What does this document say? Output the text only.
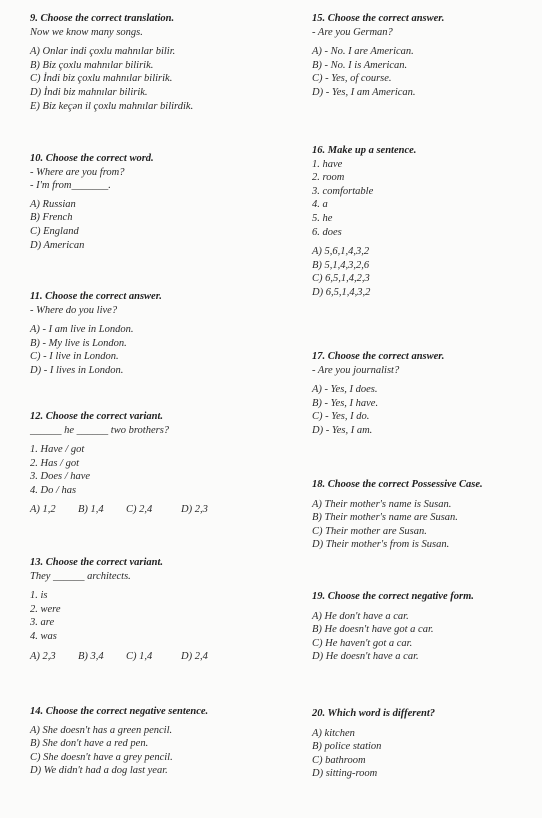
9. Choose the correct translation.
Now we know many songs.
A) Onlar indi çoxlu mahnılar bilir.
B) Biz çoxlu mahnılar bilirik.
C) İndi biz çoxlu mahnılar bilirik.
D) İndi biz mahnılar bilirik.
E) Biz keçən il çoxlu mahnılar bilirdik.
10. Choose the correct word.
- Where are you from?
- I'm from_______.
A) Russian
B) French
C) England
D) American
11. Choose the correct answer.
- Where do you live?
A) - I am live in London.
B) - My live is London.
C) - I live in London.
D) - I lives in London.
12. Choose the correct variant.
______ he ______ two brothers?
1. Have / got
2. Has / got
3. Does / have
4. Do / has
A) 1,2	B) 1,4	C) 2,4	D) 2,3
13. Choose the correct variant.
They ______ architects.
1. is
2. were
3. are
4. was
A) 2,3	B) 3,4	C) 1,4	D) 2,4
14. Choose the correct negative sentence.
A) She doesn't has a green pencil.
B) She don't have a red pen.
C) She doesn't have a grey pencil.
D) We didn't had a dog last year.
15. Choose the correct answer.
- Are you German?
A) - No. I are American.
B) - No. I is American.
C) - Yes, of course.
D) - Yes, I am American.
16. Make up a sentence.
1. have
2. room
3. comfortable
4. a
5. he
6. does
A) 5,6,1,4,3,2
B) 5,1,4,3,2,6
C) 6,5,1,4,2,3
D) 6,5,1,4,3,2
17. Choose the correct answer.
- Are you journalist?
A) - Yes, I does.
B) - Yes, I have.
C) - Yes, I do.
D) - Yes, I am.
18. Choose the correct Possessive Case.
A) Their mother's name is Susan.
B) Their mother's name are Susan.
C) Their mother are Susan.
D) Their mother's from is Susan.
19. Choose the correct negative form.
A) He don't have a car.
B) He doesn't have got a car.
C) He haven't got a car.
D) He doesn't have a car.
20. Which word is different?
A) kitchen
B) police station
C) bathroom
D) sitting-room
